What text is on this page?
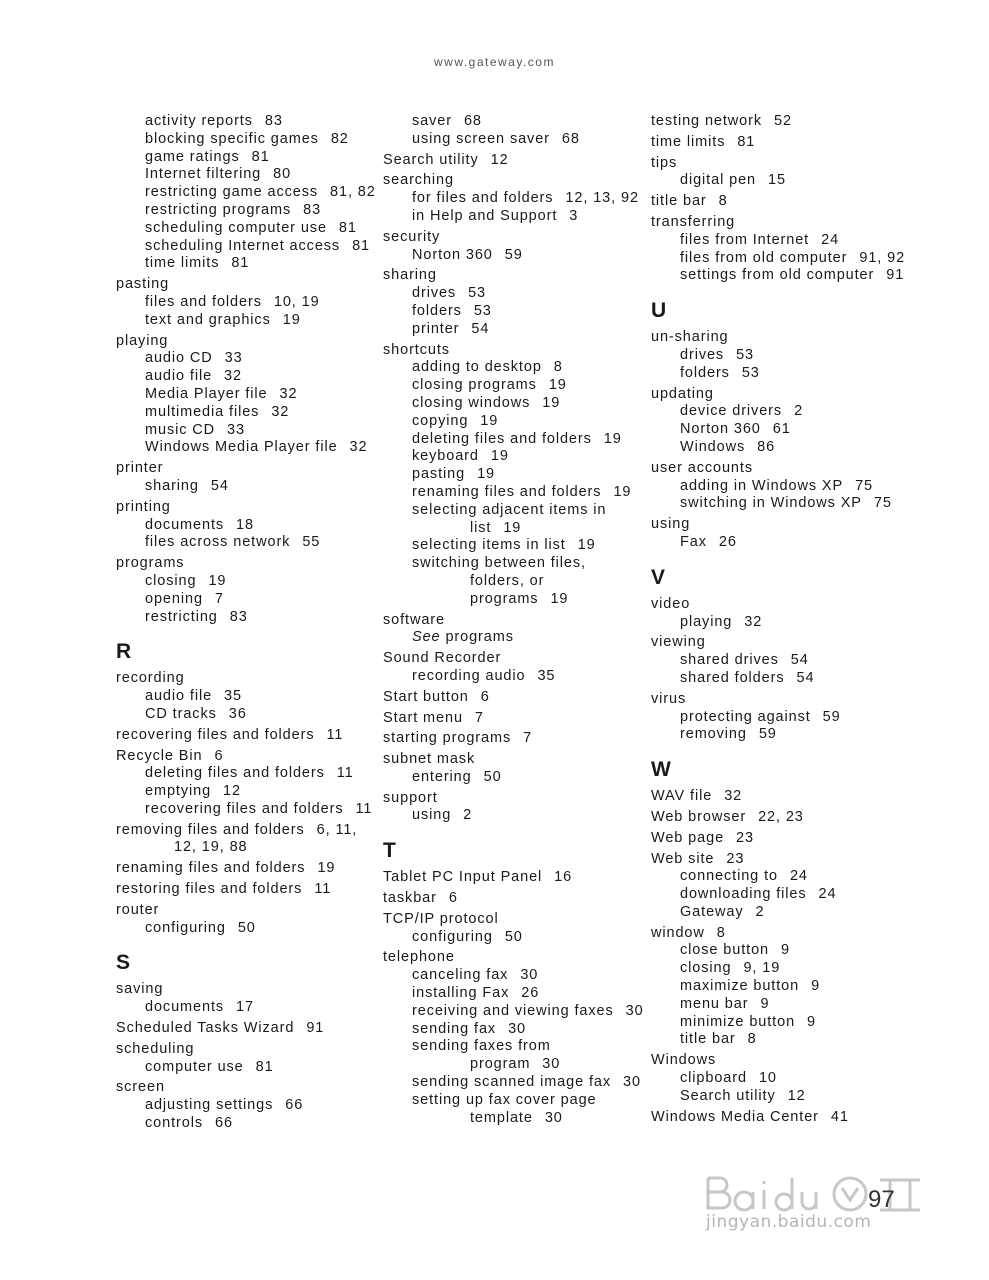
www.gateway.com
activity reports 83
blocking specific games 82
game ratings 81
Internet filtering 80
restricting game access 81, 82
restricting programs 83
scheduling computer use 81
scheduling Internet access 81
time limits 81
pasting
files and folders 10, 19
text and graphics 19
playing
audio CD 33
audio file 32
Media Player file 32
multimedia files 32
music CD 33
Windows Media Player file 32
printer
sharing 54
printing
documents 18
files across network 55
programs
closing 19
opening 7
restricting 83
R
recording
audio file 35
CD tracks 36
recovering files and folders 11
Recycle Bin 6
deleting files and folders 11
emptying 12
recovering files and folders 11
removing files and folders 6, 11, 12, 19, 88
renaming files and folders 19
restoring files and folders 11
router
configuring 50
S
saving
documents 17
Scheduled Tasks Wizard 91
scheduling
computer use 81
screen
adjusting settings 66
controls 66
saver 68
using screen saver 68
Search utility 12
searching
for files and folders 12, 13, 92
in Help and Support 3
security
Norton 360 59
sharing
drives 53
folders 53
printer 54
shortcuts
adding to desktop 8
closing programs 19
closing windows 19
copying 19
deleting files and folders 19
keyboard 19
pasting 19
renaming files and folders 19
selecting adjacent items in list 19
selecting items in list 19
switching between files, folders, or programs 19
software
See programs
Sound Recorder
recording audio 35
Start button 6
Start menu 7
starting programs 7
subnet mask
entering 50
support
using 2
T
Tablet PC Input Panel 16
taskbar 6
TCP/IP protocol
configuring 50
telephone
canceling fax 30
installing Fax 26
receiving and viewing faxes 30
sending fax 30
sending faxes from program 30
sending scanned image fax 30
setting up fax cover page template 30
testing network 52
time limits 81
tips
digital pen 15
title bar 8
transferring
files from Internet 24
files from old computer 91, 92
settings from old computer 91
U
un-sharing
drives 53
folders 53
updating
device drivers 2
Norton 360 61
Windows 86
user accounts
adding in Windows XP 75
switching in Windows XP 75
using
Fax 26
V
video
playing 32
viewing
shared drives 54
shared folders 54
virus
protecting against 59
removing 59
W
WAV file 32
Web browser 22, 23
Web page 23
Web site 23
connecting to 24
downloading files 24
Gateway 2
window 8
close button 9
closing 9, 19
maximize button 9
menu bar 9
minimize button 9
title bar 8
Windows
clipboard 10
Search utility 12
Windows Media Center 41
jingyan.baidu.com
97
